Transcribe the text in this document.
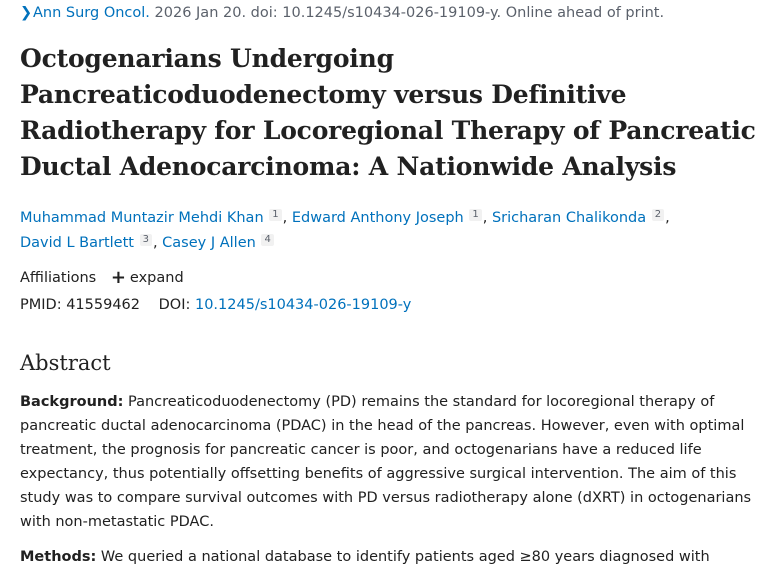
❯Ann Surg Oncol. 2026 Jan 20. doi: 10.1245/s10434-026-19109-y. Online ahead of print.
Octogenarians Undergoing
Pancreaticoduodenectomy versus Definitive
Radiotherapy for Locoregional Therapy of Pancreatic
Ductal Adenocarcinoma: A Nationwide Analysis
Muhammad Muntazir Mehdi Khan 1 , Edward Anthony Joseph 1 , Sricharan Chalikonda 2 ,
David L Bartlett 3 , Casey J Allen 4
Affiliations + expand
PMID: 41559462 DOI: 10.1245/s10434-026-19109-y
Abstract
Background: Pancreaticoduodenectomy (PD) remains the standard for locoregional therapy of
pancreatic ductal adenocarcinoma (PDAC) in the head of the pancreas. However, even with optimal
treatment, the prognosis for pancreatic cancer is poor, and octogenarians have a reduced life
expectancy, thus potentially offsetting benefits of aggressive surgical intervention. The aim of this
study was to compare survival outcomes with PD versus radiotherapy alone (dXRT) in octogenarians
with non-metastatic PDAC.
Methods: We queried a national database to identify patients aged ≥80 years diagnosed with
